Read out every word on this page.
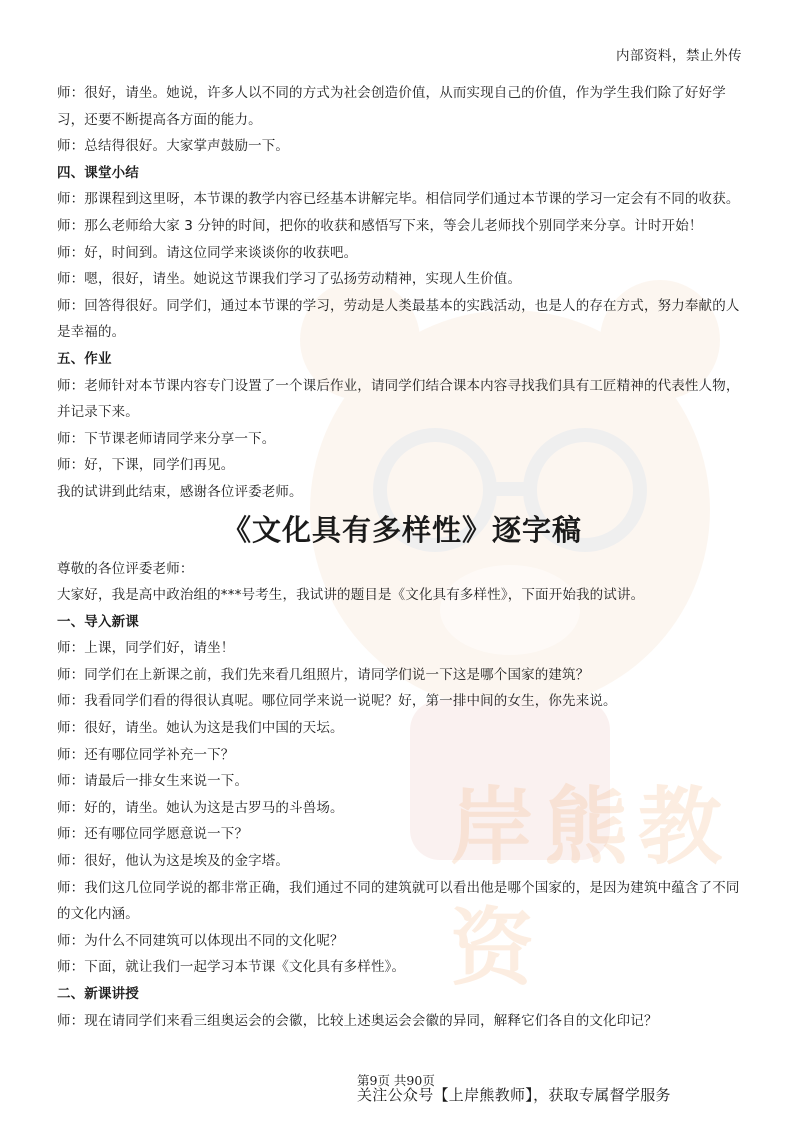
内部资料，禁止外传
岸熊教资

师：很好，请坐。她说，许多人以不同的方式为社会创造价值，从而实现自己的价值，作为学生我们除了好好学习，还要不断提高各方面的能力。

师：总结得很好。大家掌声鼓励一下。

四、课堂小结

师：那课程到这里呀，本节课的教学内容已经基本讲解完毕。相信同学们通过本节课的学习一定会有不同的收获。

师：那么老师给大家 3 分钟的时间，把你的收获和感悟写下来，等会儿老师找个别同学来分享。计时开始！

师：好，时间到。请这位同学来谈谈你的收获吧。

师：嗯，很好，请坐。她说这节课我们学习了弘扬劳动精神，实现人生价值。

师：回答得很好。同学们，通过本节课的学习，劳动是人类最基本的实践活动，也是人的存在方式，努力奉献的人是幸福的。

五、作业

师：老师针对本节课内容专门设置了一个课后作业，请同学们结合课本内容寻找我们具有工匠精神的代表性人物，并记录下来。

师：下节课老师请同学来分享一下。

师：好，下课，同学们再见。

我的试讲到此结束，感谢各位评委老师。

《文化具有多样性》逐字稿

尊敬的各位评委老师：

大家好，我是高中政治组的***号考生，我试讲的题目是《文化具有多样性》，下面开始我的试讲。

一、导入新课

师：上课，同学们好，请坐！

师：同学们在上新课之前，我们先来看几组照片，请同学们说一下这是哪个国家的建筑？

师：我看同学们看的得很认真呢。哪位同学来说一说呢？好，第一排中间的女生，你先来说。

师：很好，请坐。她认为这是我们中国的天坛。

师：还有哪位同学补充一下？

师：请最后一排女生来说一下。

师：好的，请坐。她认为这是古罗马的斗兽场。

师：还有哪位同学愿意说一下？

师：很好，他认为这是埃及的金字塔。

师：我们这几位同学说的都非常正确，我们通过不同的建筑就可以看出他是哪个国家的，是因为建筑中蕴含了不同的文化内涵。

师：为什么不同建筑可以体现出不同的文化呢？

师：下面，就让我们一起学习本节课《文化具有多样性》。

二、新课讲授

师：现在请同学们来看三组奥运会的会徽，比较上述奥运会会徽的异同，解释它们各自的文化印记？

第9页 共90页
关注公众号【上岸熊教师】，获取专属督学服务
